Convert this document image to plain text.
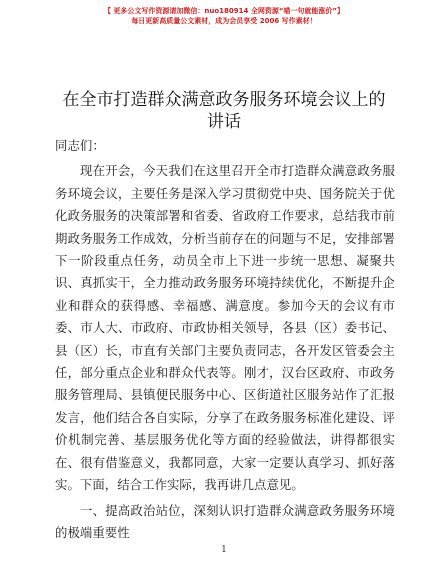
【 更多公文写作资源请加微信：nuo180914 全网资源“喵一句就能涨价”】
每日更新高质量公文素材，成为会员享受 2006 写作素材！
在全市打造群众满意政务服务环境会议上的讲话

同志们：

现在开会，今天我们在这里召开全市打造群众满意政务服务环境会议，主要任务是深入学习贯彻党中央、国务院关于优化政务服务的决策部署和省委、省政府工作要求，总结我市前期政务服务工作成效，分析当前存在的问题与不足，安排部署下一阶段重点任务，动员全市上下进一步统一思想、凝聚共识、真抓实干，全力推动政务服务环境持续优化，不断提升企业和群众的获得感、幸福感、满意度。参加今天的会议有市委、市人大、市政府、市政协相关领导，各县（区）委书记、县（区）长，市直有关部门主要负责同志，各开发区管委会主任，部分重点企业和群众代表等。刚才，汉台区政府、市政务服务管理局、县镇便民服务中心、区街道社区服务站作了汇报发言，他们结合各自实际，分享了在政务服务标准化建设、评价机制完善、基层服务优化等方面的经验做法，讲得都很实在、很有借鉴意义，我都同意，大家一定要认真学习、抓好落实。下面，结合工作实际，我再讲几点意见。

一、提高政治站位，深刻认识打造群众满意政务服务环境的极端重要性

1
